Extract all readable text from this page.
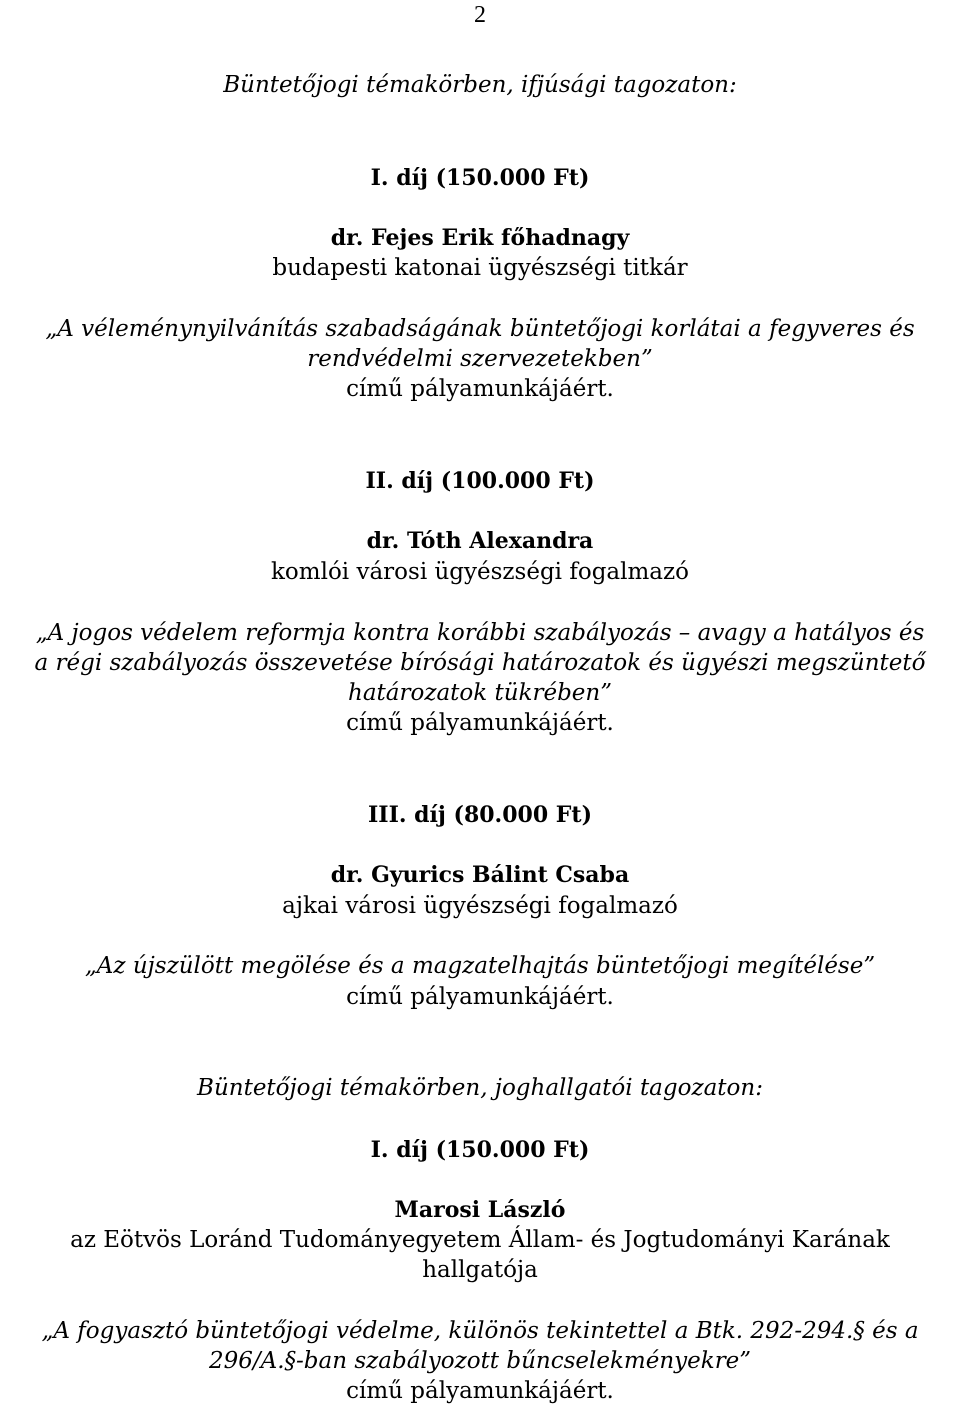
2
Büntetőjogi témakörben, ifjúsági tagozaton:
I. díj (150.000 Ft)
dr. Fejes Erik főhadnagy
budapesti katonai ügyészségi titkár
„A véleménynyilvánítás szabadságának büntetőjogi korlátai a fegyveres és
rendvédelmi szervezetekben”
című pályamunkájáért.
II. díj (100.000 Ft)
dr. Tóth Alexandra
komlói városi ügyészségi fogalmazó
„A jogos védelem reformja kontra korábbi szabályozás – avagy a hatályos és
a régi szabályozás összevetése bírósági határozatok és ügyészi megszüntető
határozatok tükrében”
című pályamunkájáért.
III. díj (80.000 Ft)
dr. Gyurics Bálint Csaba
ajkai városi ügyészségi fogalmazó
„Az újszülött megölése és a magzatelhajtás büntetőjogi megítélése”
című pályamunkájáért.
Büntetőjogi témakörben, joghallgatói tagozaton:
I. díj (150.000 Ft)
Marosi László
az Eötvös Loránd Tudományegyetem Állam- és Jogtudományi Karának
hallgatója
„A fogyasztó büntetőjogi védelme, különös tekintettel a Btk. 292-294.§ és a
296/A.§-ban szabályozott bűncselekményekre”
című pályamunkájáért.
